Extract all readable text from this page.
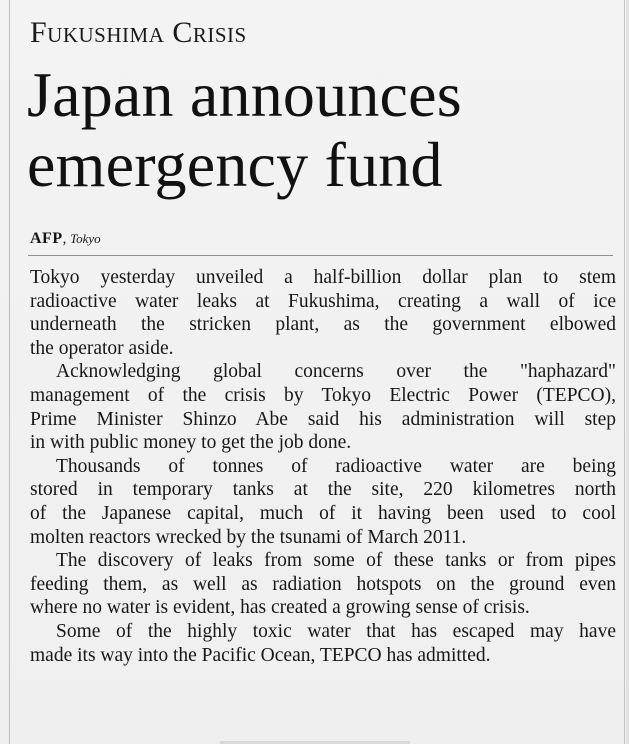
Fukushima Crisis
Japan announces
emergency fund
AFP, Tokyo
Tokyo yesterday unveiled a half-billion dollar plan to stem
radioactive water leaks at Fukushima, creating a wall of ice
underneath the stricken plant, as the government elbowed
the operator aside.
Acknowledging global concerns over the "haphazard"
management of the crisis by Tokyo Electric Power (TEPCO),
Prime Minister Shinzo Abe said his administration will step
in with public money to get the job done.
Thousands of tonnes of radioactive water are being
stored in temporary tanks at the site, 220 kilometres north
of the Japanese capital, much of it having been used to cool
molten reactors wrecked by the tsunami of March 2011.
The discovery of leaks from some of these tanks or from pipes
feeding them, as well as radiation hotspots on the ground even
where no water is evident, has created a growing sense of crisis.
Some of the highly toxic water that has escaped may have
made its way into the Pacific Ocean, TEPCO has admitted.
